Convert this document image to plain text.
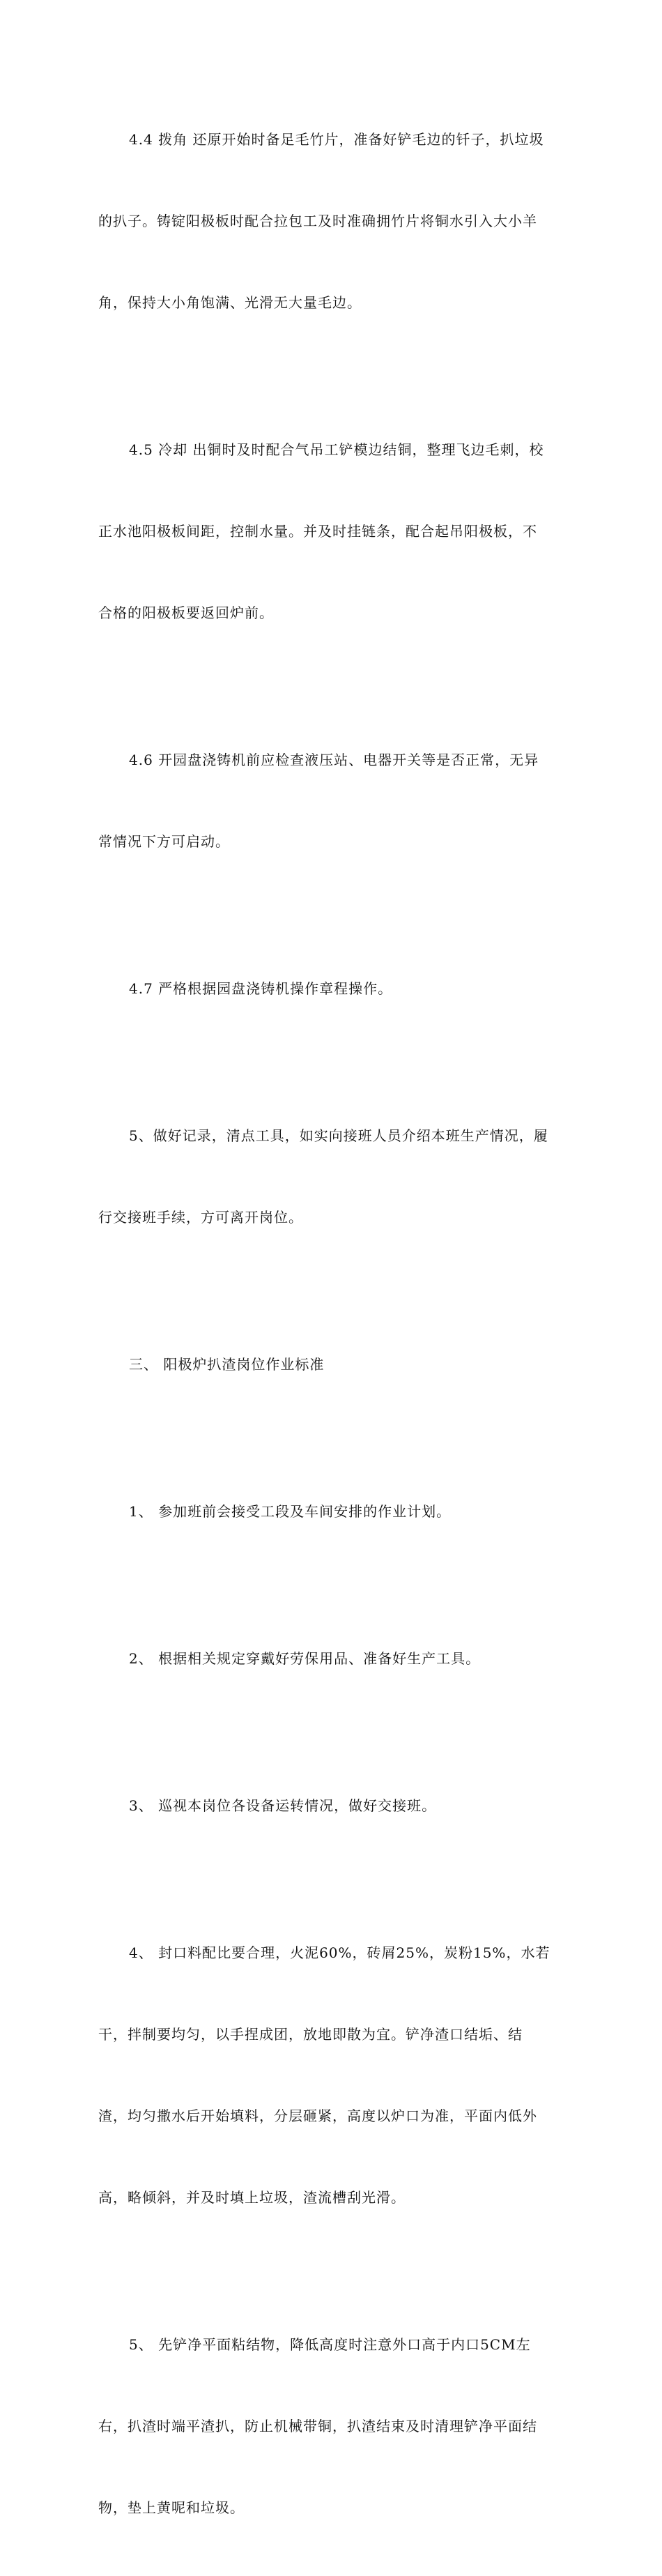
4.4 拨角 还原开始时备足毛竹片，准备好铲毛边的钎子，扒垃圾

的扒子。铸锭阳极板时配合拉包工及时准确拥竹片将铜水引入大小羊

角，保持大小角饱满、光滑无大量毛边。

4.5 冷却 出铜时及时配合气吊工铲模边结铜，整理飞边毛刺，校

正水池阳极板间距，控制水量。并及时挂链条，配合起吊阳极板，不

合格的阳极板要返回炉前。

4.6 开园盘浇铸机前应检查液压站、电器开关等是否正常，无异

常情况下方可启动。

4.7 严格根据园盘浇铸机操作章程操作。

5、做好记录，清点工具，如实向接班人员介绍本班生产情况，履

行交接班手续，方可离开岗位。

三、 阳极炉扒渣岗位作业标准

1、 参加班前会接受工段及车间安排的作业计划。

2、 根据相关规定穿戴好劳保用品、准备好生产工具。

3、 巡视本岗位各设备运转情况，做好交接班。

4、 封口料配比要合理，火泥60%，砖屑25%，炭粉15%，水若

干，拌制要均匀，以手捏成团，放地即散为宜。铲净渣口结垢、结

渣，均匀撒水后开始填料，分层砸紧，高度以炉口为准，平面内低外

高，略倾斜，并及时填上垃圾，渣流槽刮光滑。

5、 先铲净平面粘结物，降低高度时注意外口高于内口5CM左

右，扒渣时端平渣扒，防止机械带铜，扒渣结束及时清理铲净平面结

物，垫上黄呢和垃圾。
